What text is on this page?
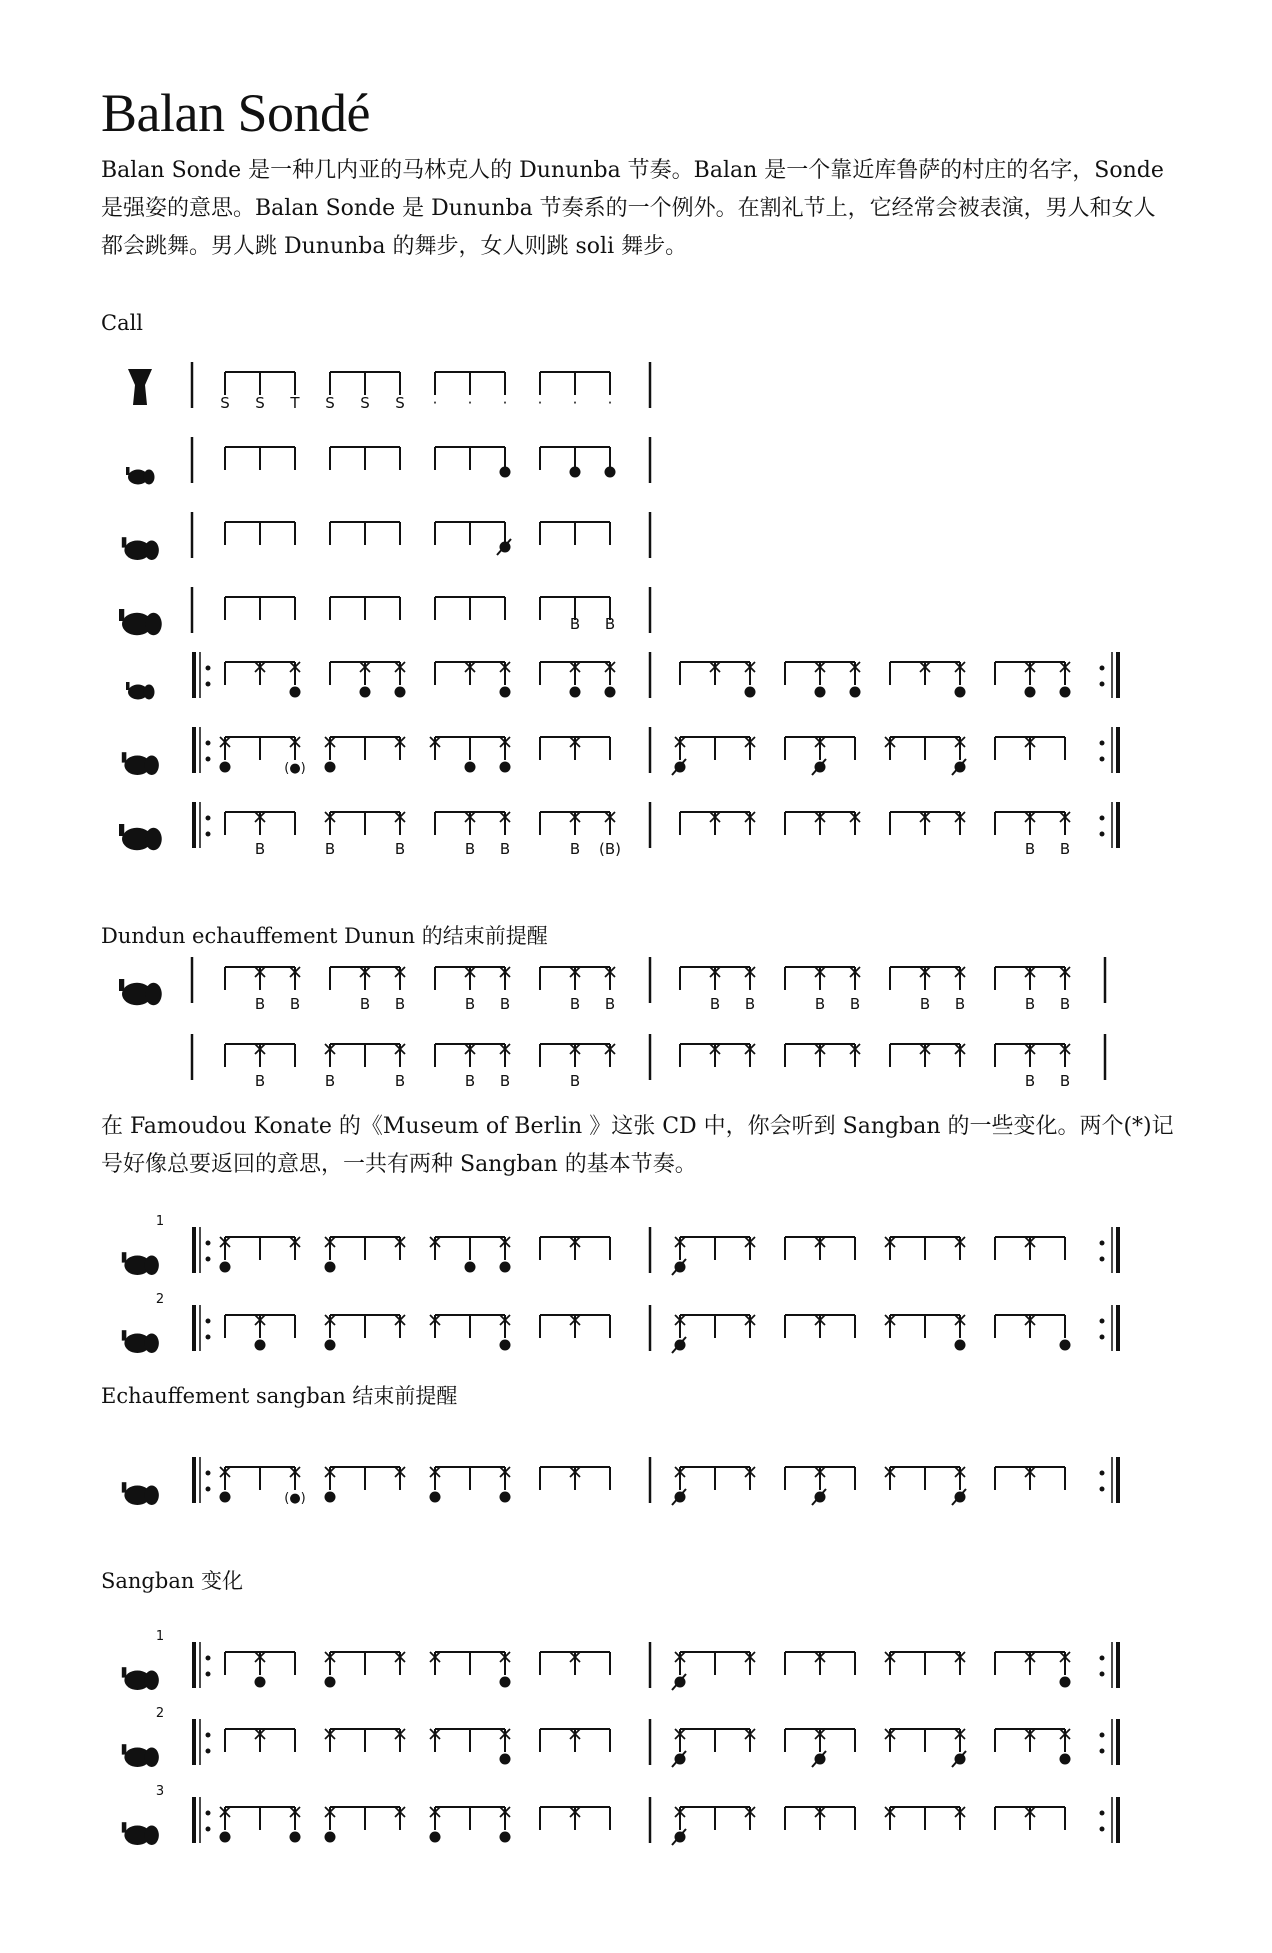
Balan Sondé

Balan Sonde 是一种几内亚的马林克人的 Dununba 节奏。Balan 是一个靠近库鲁萨的村庄的名字，Sonde 是强姿的意思。Balan Sonde 是 Dununba 节奏系的一个例外。在割礼节上，它经常会被表演，男人和女人都会跳舞。男人跳 Dununba 的舞步，女人则跳 soli 舞步。

Call
Dundun echauffement Dunun 的结束前提醒

在 Famoudou Konate 的《Museum of Berlin 》这张 CD 中，你会听到 Sangban 的一些变化。两个(*)记号好像总要返回的意思，一共有两种 Sangban 的基本节奏。

Echauffement sangban 结束前提醒
Sangban 变化
S S T S S S · · · · · ·
B B
(●)
B	B	B	B B	B (B)	B B
B B	B B	B B	B B	B B	B B	B B	B B
B	B	B	B B	B	B B
1
2
(●)
1
2
3
